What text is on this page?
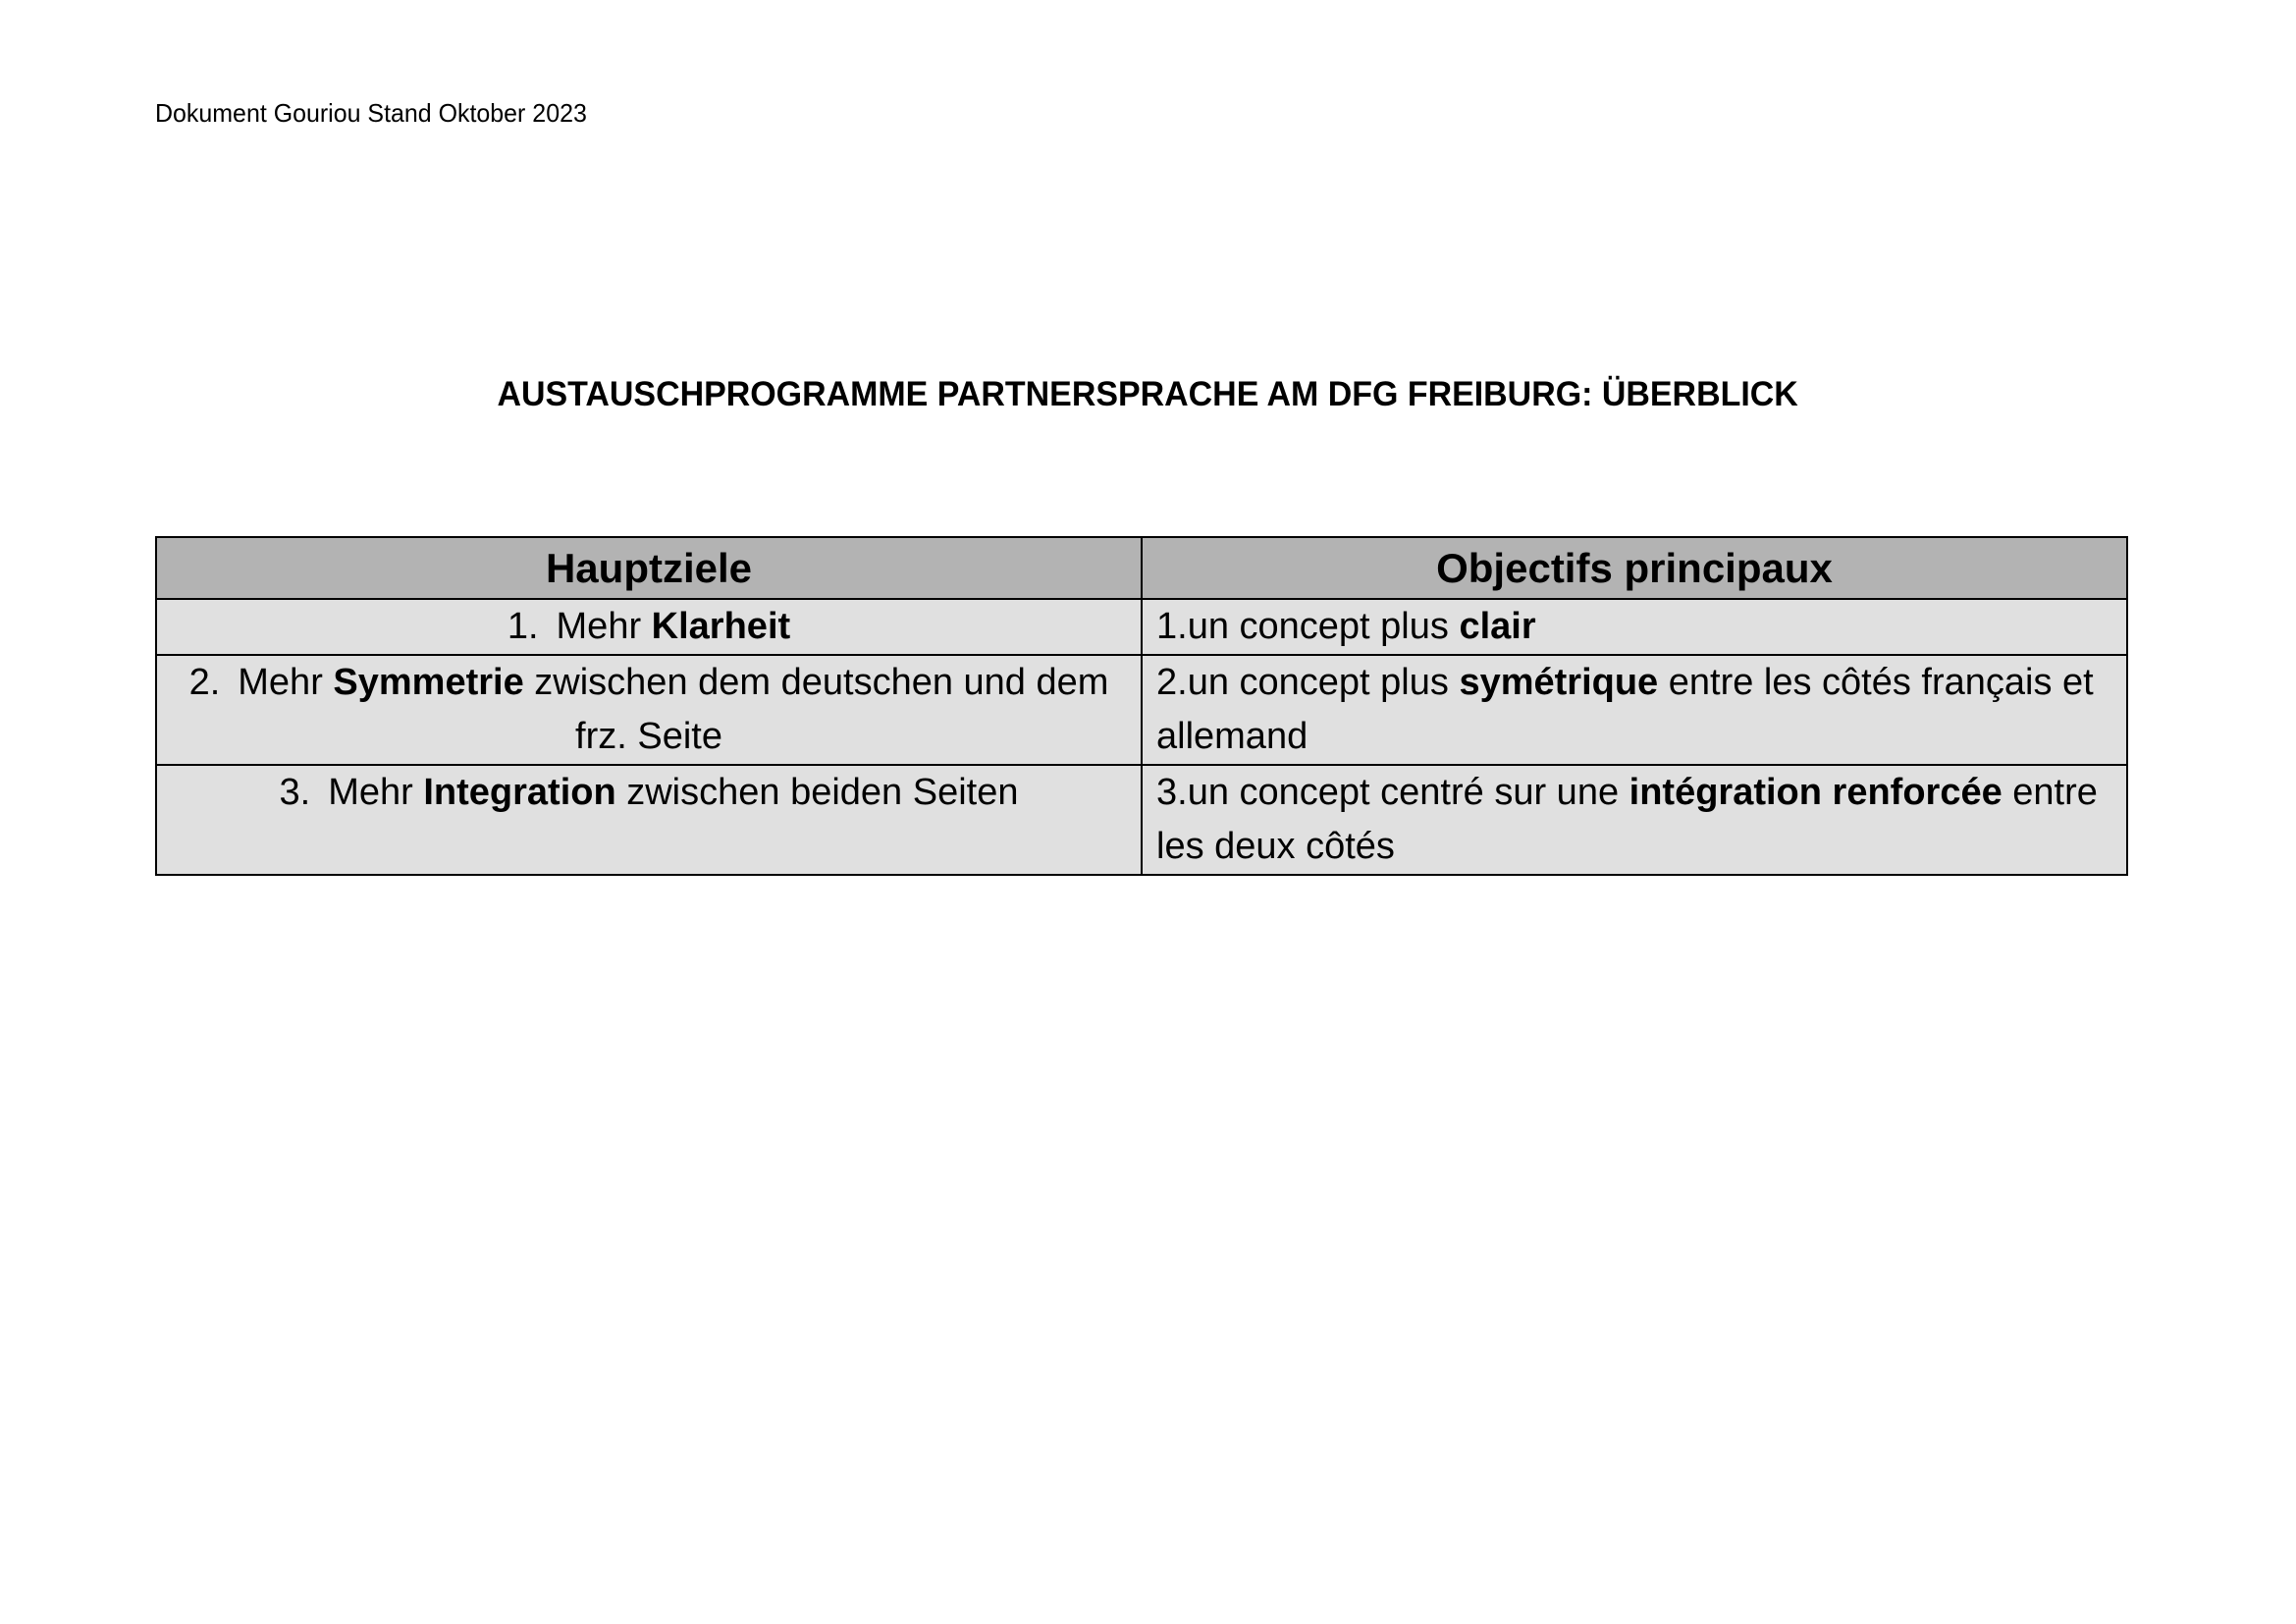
Dokument Gouriou Stand Oktober 2023
AUSTAUSCHPROGRAMME PARTNERSPRACHE AM DFG FREIBURG: ÜBERBLICK
Hauptziele	Objectifs principaux
1. Mehr Klarheit	1.un concept plus clair
2. Mehr Symmetrie zwischen dem deutschen und dem frz. Seite	2.un concept plus symétrique entre les côtés français et allemand
3. Mehr Integration zwischen beiden Seiten	3.un concept centré sur une intégration renforcée entre les deux côtés
